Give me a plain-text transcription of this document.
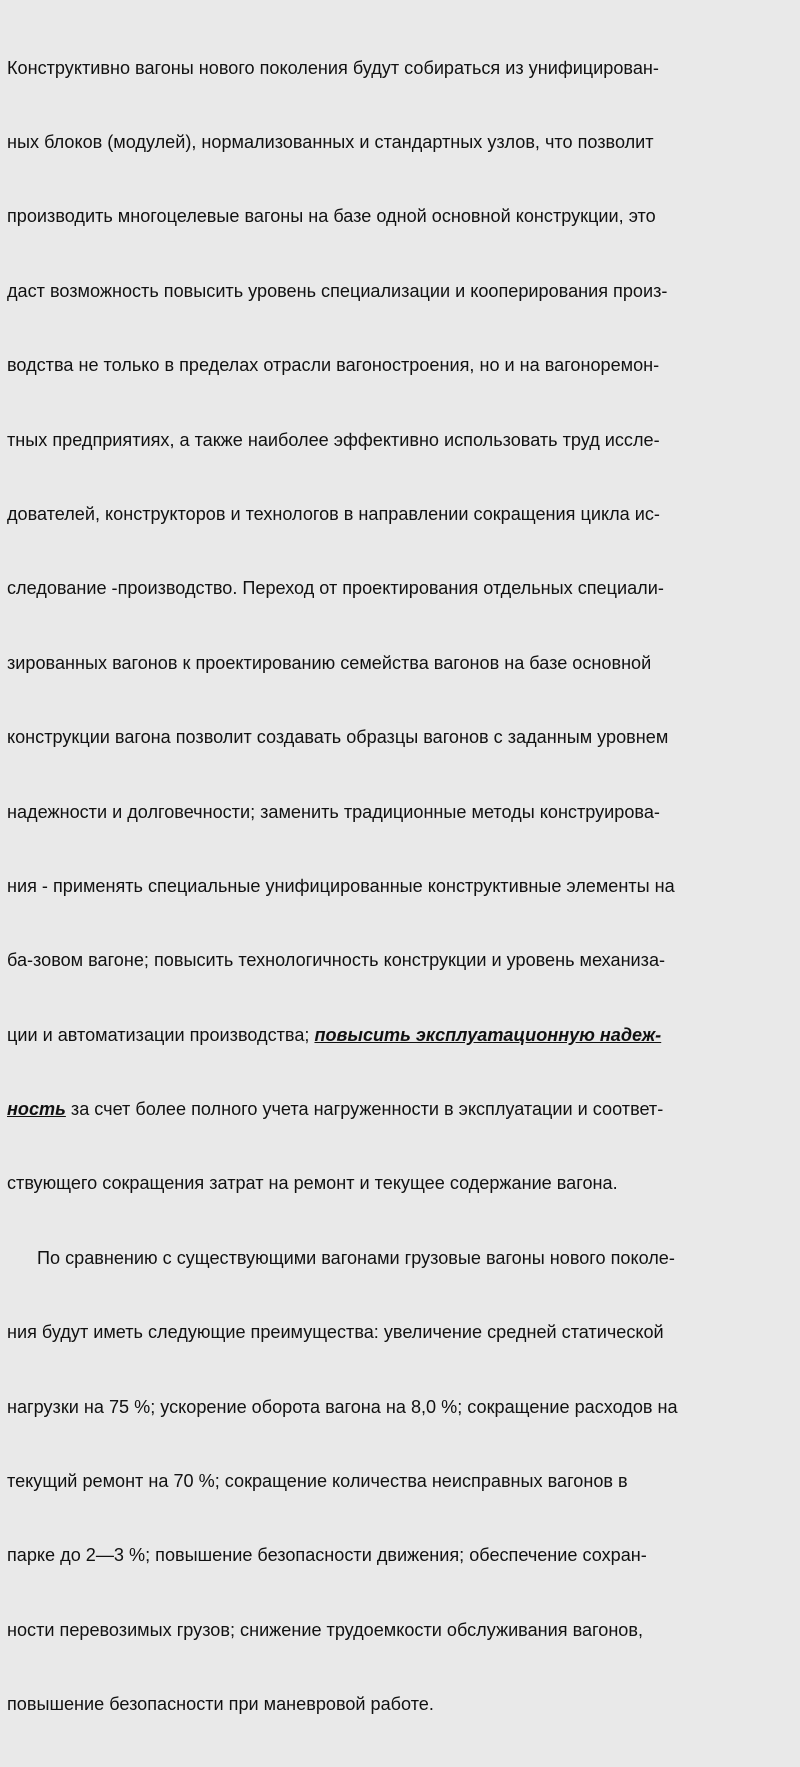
Конструктивно вагоны нового поколения будут собираться из унифицирован-

ных блоков (модулей), нормализованных и стандартных узлов, что позволит

производить многоцелевые вагоны на базе одной основной конструкции, это

даст возможность повысить уровень специализации и кооперирования произ-

водства не только в пределах отрасли вагоностроения, но и на вагоноремон-

тных предприятиях, а также наиболее эффективно использовать труд иссле-

дователей, конструкторов и технологов в направлении сокращения цикла ис-

следование -производство. Переход от проектирования отдельных специали-

зированных вагонов к проектированию семейства вагонов на базе основной

конструкции вагона позволит создавать образцы вагонов с заданным уровнем

надежности и долговечности; заменить традиционные методы конструирова-

ния - применять специальные унифицированные конструктивные элементы на

ба-зовом вагоне; повысить технологичность конструкции и уровень механиза-

ции и автоматизации производства; повысить эксплуатационную надеж-

ность за счет более полного учета нагруженности в эксплуатации и соответ-

ствующего сокращения затрат на ремонт и текущее содержание вагона.

По сравнению с существующими вагонами грузовые вагоны нового поколе-

ния будут иметь следующие преимущества: увеличение средней статической

нагрузки на 75 %; ускорение оборота вагона на 8,0 %; сокращение расходов на

текущий ремонт на 70 %; сокращение количества неисправных вагонов в

парке до 2—3 %; повышение безопасности движения; обеспечение сохран-

ности перевозимых грузов; снижение трудоемкости обслуживания вагонов,

повышение безопасности при маневровой работе.
